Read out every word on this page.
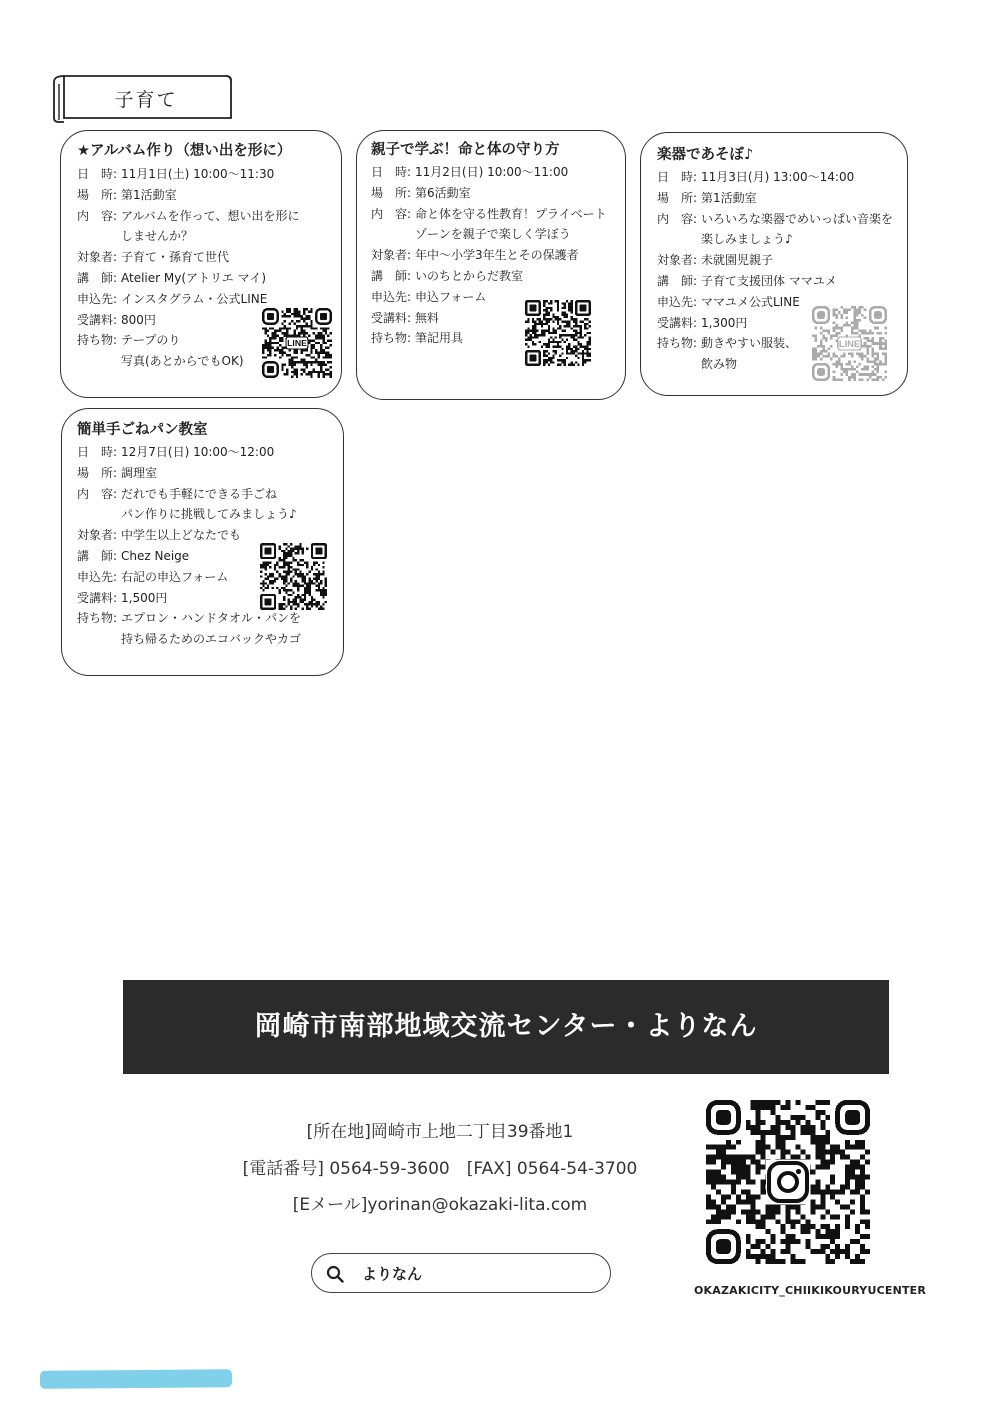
子育て
★アルバム作り（想い出を形に）
日　時: 11月1日(土) 10:00～11:30
場　所: 第1活動室
内　容: アルバムを作って、想い出を形に
しませんか？
対象者: 子育て・孫育て世代
講　師: Atelier My(アトリエ マイ)
申込先: インスタグラム・公式LINE
受講料: 800円
持ち物: テープのり
写真(あとからでもOK)
LINE
親子で学ぶ！命と体の守り方
日　時: 11月2日(日) 10:00～11:00
場　所: 第6活動室
内　容: 命と体を守る性教育！プライベート
ゾーンを親子で楽しく学ぼう
対象者: 年中～小学3年生とその保護者
講　師: いのちとからだ教室
申込先: 申込フォーム
受講料: 無料
持ち物: 筆記用具
楽器であそぼ♪
日　時: 11月3日(月) 13:00～14:00
場　所: 第1活動室
内　容: いろいろな楽器でめいっぱい音楽を
楽しみましょう♪
対象者: 未就園児親子
講　師: 子育て支援団体 ママユメ
申込先: ママユメ公式LINE
受講料: 1,300円
持ち物: 動きやすい服装、
飲み物
LINE
簡単手ごねパン教室
日　時: 12月7日(日) 10:00～12:00
場　所: 調理室
内　容: だれでも手軽にできる手ごね
パン作りに挑戦してみましょう♪
対象者: 中学生以上どなたでも
講　師: Chez Neige
申込先: 右記の申込フォーム
受講料: 1,500円
持ち物: エプロン・ハンドタオル・パンを
持ち帰るためのエコバックやカゴ
岡崎市南部地域交流センター・よりなん
[所在地]岡崎市上地二丁目39番地1
[電話番号] 0564-59-3600　[FAX] 0564-54-3700
[Eメール]yorinan@okazaki-lita.com
よりなん
OKAZAKICITY_CHIIKIKOURYUCENTER
